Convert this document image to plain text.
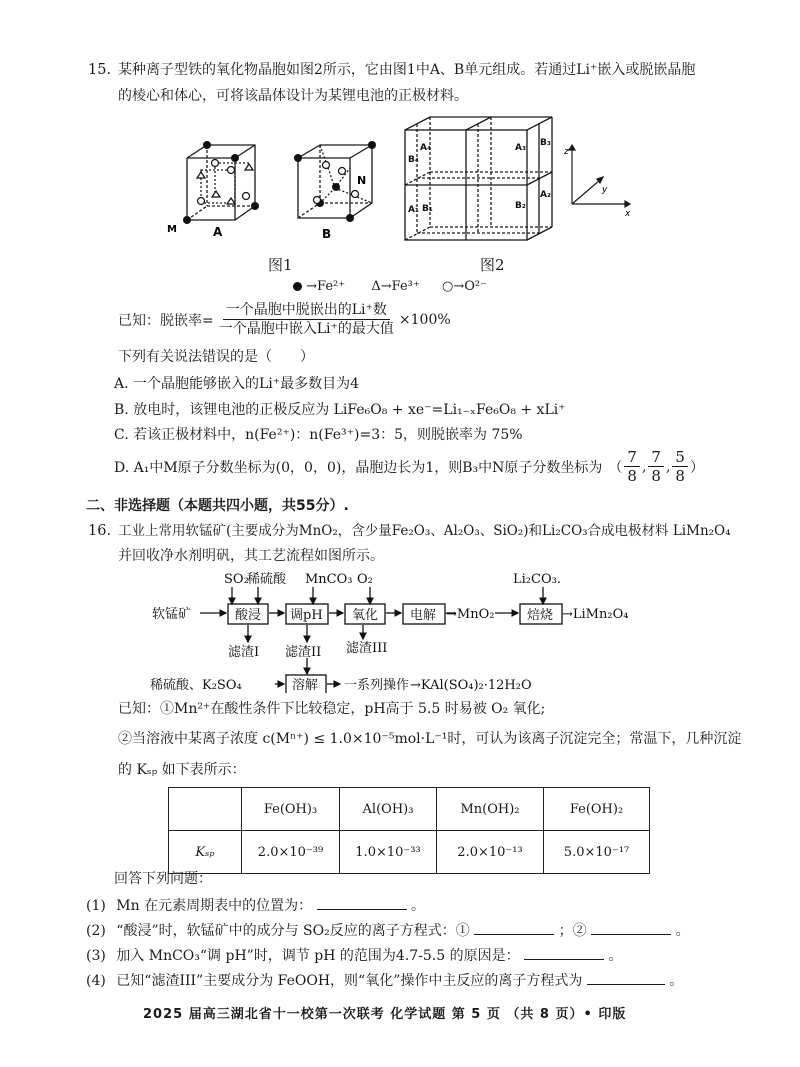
15. 某种离子型铁的氧化物晶胞如图2所示，它由图1中A、B单元组成。若通过Li⁺嵌入或脱嵌晶胞
的棱心和体心，可将该晶体设计为某锂电池的正极材料。
M	A	B
N
B₄
A₄
A₁ B₁
A₃ B₃
B₂
A₂
x
y
z
图1	图2
→Fe²⁺ Δ→Fe³⁺ ○→O²⁻
已知：脱嵌率= $\frac{\text{一个晶胞中脱嵌出的Li⁺数}}{\text{一个晶胞中嵌入Li⁺的最大值}} \times 100\%$
下列有关说法错误的是（　　）
A. 一个晶胞能够嵌入的Li⁺最多数目为4
B. 放电时，该锂电池的正极反应为 LiFe₆O₈ + xe⁻=Li₁₋ₓFe₆O₈ + xLi⁺
C. 若该正极材料中，n(Fe²⁺)：n(Fe³⁺)=3：5，则脱嵌率为 75%
D. A₁中M原子分数坐标为(0，0，0)，晶胞边长为1，则B₃中N原子分数坐标为 （ $\frac{7}{8}$ , $\frac{7}{8}$ , $\frac{5}{8}$ ）
二、非选择题（本题共四小题，共55分）.
16. 工业上常用软锰矿(主要成分为MnO₂，含少量Fe₂O₃、Al₂O₃、SiO₂)和Li₂CO₃合成电极材料 LiMn₂O₄
并回收净水剂明矾，其工艺流程如图所示。
SO₂
稀硫酸 MnCO₃ O₂	Li₂CO₃.
软锰矿	酸浸 调pH 氧化 电解 →MnO₂	焙烧 →LiMn₂O₄
滤渣I 滤渣II 滤渣III
稀硫酸、K₂SO₄	溶解 一系列操作 →KAl(SO₄)₂·12H₂O
已知：①Mn²⁺在酸性条件下比较稳定，pH高于 5.5 时易被 O₂ 氧化;
②当溶液中某离子浓度 c(Mⁿ⁺) ≤ 1.0×10⁻⁵mol·L⁻¹时，可认为该离子沉淀完全；常温下，几种沉淀
的 Kₛₚ 如下表所示：
	Fe(OH)₃	Al(OH)₃	Mn(OH)₂	Fe(OH)₂
Kₛₚ	2.0×10⁻³⁹	1.0×10⁻³³	2.0×10⁻¹³	5.0×10⁻¹⁷
回答下列问题：
(1) Mn 在元素周期表中的位置为：	。
(2) “酸浸”时，软锰矿中的成分与 SO₂反应的离子方程式：①	；②	。
(3) 加入 MnCO₃“调 pH”时，调节 pH 的范围为4.7-5.5 的原因是：	。
(4) 已知“滤渣III”主要成分为 FeOOH，则“氧化”操作中主反应的离子方程式为	。
2025 届高三湖北省十一校第一次联考 化学试题 第 5 页 （共 8 页）• 印版
